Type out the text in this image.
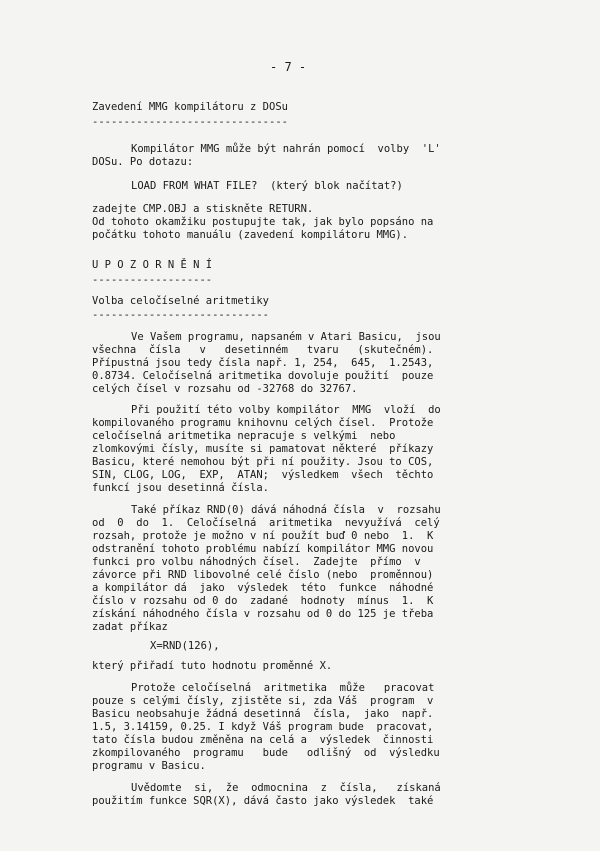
- 7 -
Zavedení MMG kompilátoru z DOSu
-------------------------------
Kompilátor MMG může být nahrán pomocí  volby  'L'
DOSu. Po dotazu:
LOAD FROM WHAT FILE?  (který blok načítat?)
zadejte CMP.OBJ a stiskněte RETURN.
Od tohoto okamžiku postupujte tak, jak bylo popsáno na
počátku tohoto manuálu (zavedení kompilátoru MMG).
U P O Z O R N Ě N Í
-------------------
Volba celočíselné aritmetiky
----------------------------
Ve Vašem programu, napsaném v Atari Basicu,  jsou
všechna  čísla   v   desetinném   tvaru   (skutečném).
Přípustná jsou tedy čísla např. 1, 254,  645,  1.2543,
0.8734. Celočíselná aritmetika dovoluje použití  pouze
celých čísel v rozsahu od -32768 do 32767.
Při použití této volby kompilátor  MMG  vloží  do
kompilovaného programu knihovnu celých čísel.  Protože
celočíselná aritmetika nepracuje s velkými  nebo
zlomkovými čísly, musíte si pamatovat některé  příkazy
Basicu, které nemohou být při ní použity. Jsou to COS,
SIN, CLOG, LOG,  EXP,  ATAN;  výsledkem  všech  těchto
funkcí jsou desetinná čísla.
Také příkaz RND(0) dává náhodná čísla  v  rozsahu
od  0  do  1.  Celočíselná  aritmetika  nevyužívá  celý
rozsah, protože je možno v ní použít buď 0 nebo  1.  K
odstranění tohoto problému nabízí kompilátor MMG novou
funkci pro volbu náhodných čísel.  Zadejte  přímo  v
závorce při RND libovolné celé číslo (nebo  proměnnou)
a kompilátor dá  jako  výsledek  této  funkce  náhodné
číslo v rozsahu od 0 do  zadané  hodnoty  mínus  1.  K
získání náhodného čísla v rozsahu od 0 do 125 je třeba
zadat příkaz
X=RND(126),
který přiřadí tuto hodnotu proměnné X.
Protože celočíselná  aritmetika  může   pracovat
pouze s celými čísly, zjistěte si, zda Váš  program  v
Basicu neobsahuje žádná desetinná  čísla,  jako  např.
1.5, 3.14159, 0.25. I když Váš program bude  pracovat,
tato čísla budou změněna na celá a  výsledek  činnosti
zkompilovaného  programu   bude   odlišný  od  výsledku
programu v Basicu.
Uvědomte  si,  že  odmocnina  z  čísla,   získaná
použitím funkce SQR(X), dává často jako výsledek  také
